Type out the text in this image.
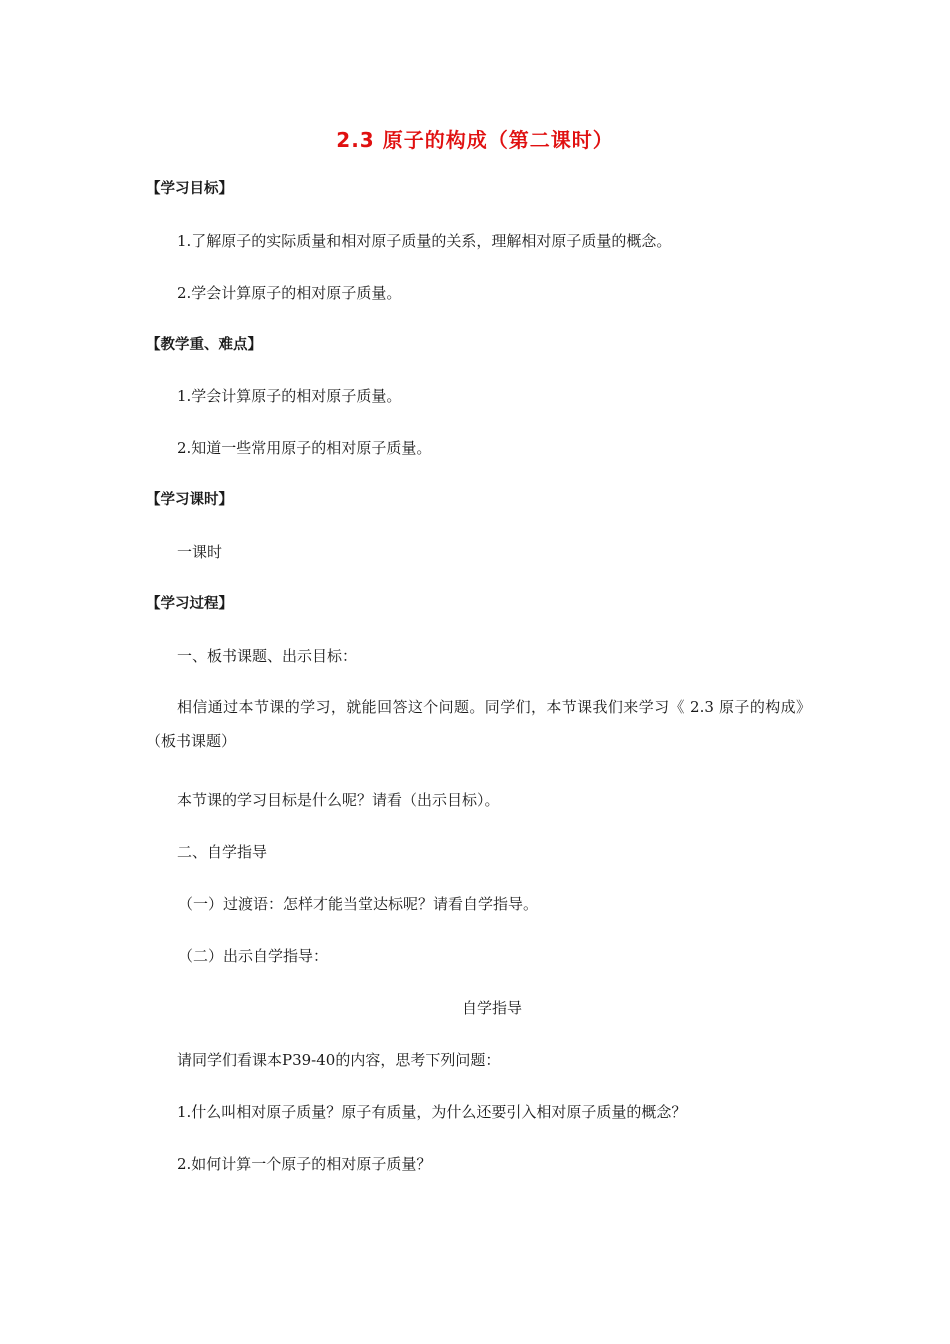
2.3 原子的构成（第二课时）
【学习目标】
1.了解原子的实际质量和相对原子质量的关系，理解相对原子质量的概念。
2.学会计算原子的相对原子质量。
【教学重、难点】
1.学会计算原子的相对原子质量。
2.知道一些常用原子的相对原子质量。
【学习课时】
一课时
【学习过程】
一、板书课题、出示目标：
相信通过本节课的学习，就能回答这个问题。同学们，本节课我们来学习《 2.3 原子的构成》（板书课题）
本节课的学习目标是什么呢？请看（出示目标）。
二、自学指导
（一）过渡语：怎样才能当堂达标呢？请看自学指导。
（二）出示自学指导：
自学指导
请同学们看课本P39-40的内容，思考下列问题：
1.什么叫相对原子质量？原子有质量，为什么还要引入相对原子质量的概念？
2.如何计算一个原子的相对原子质量？
